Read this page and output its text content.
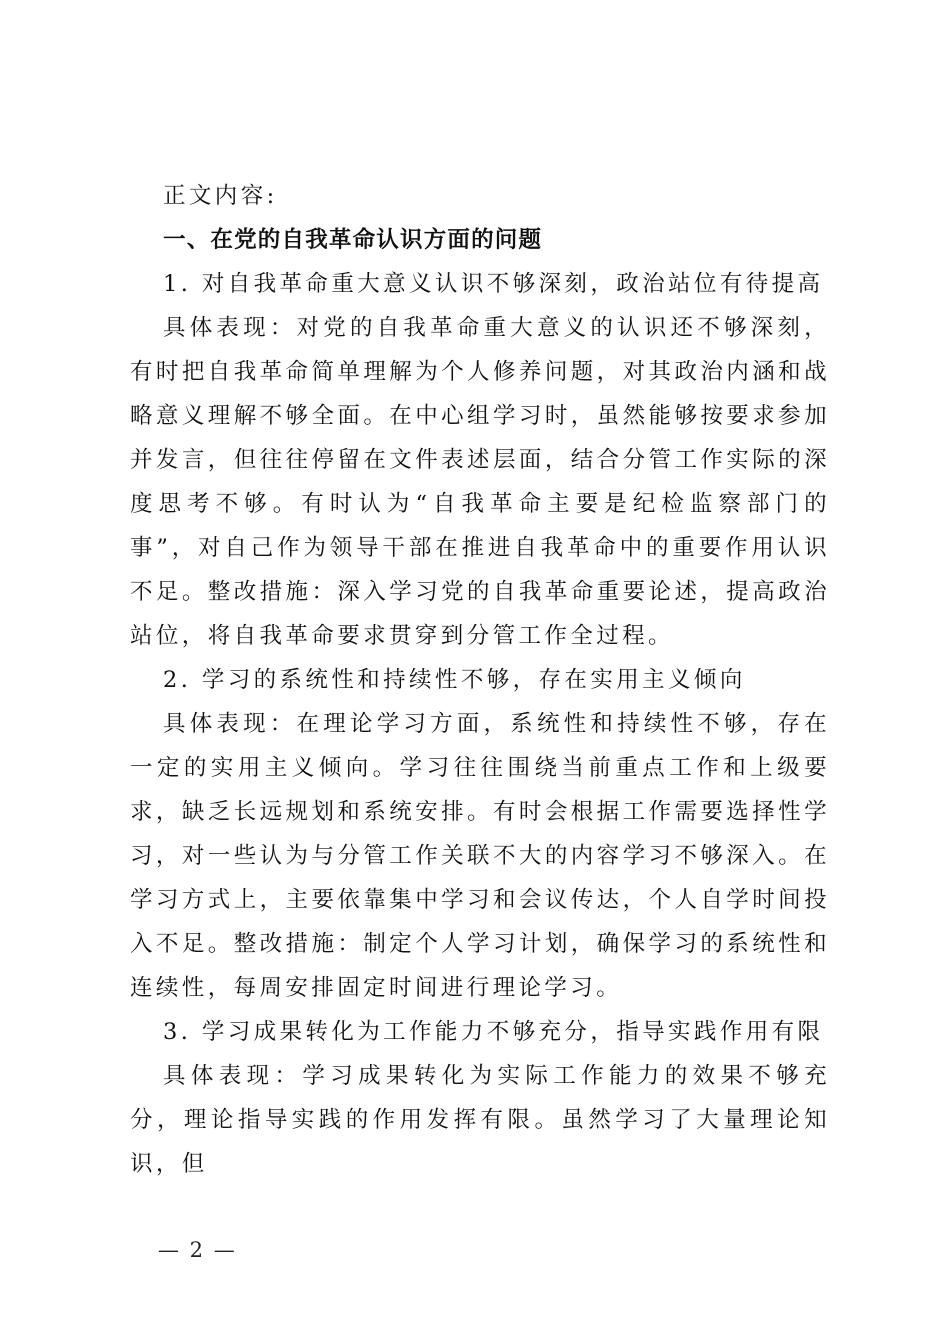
正文内容:

一、在党的自我革命认识方面的问题

1. 对自我革命重大意义认识不够深刻，政治站位有待提高

具体表现：对党的自我革命重大意义的认识还不够深刻，有时把自我革命简单理解为个人修养问题，对其政治内涵和战略意义理解不够全面。在中心组学习时，虽然能够按要求参加并发言，但往往停留在文件表述层面，结合分管工作实际的深度思考不够。有时认为“自我革命主要是纪检监察部门的事”，对自己作为领导干部在推进自我革命中的重要作用认识不足。整改措施：深入学习党的自我革命重要论述，提高政治站位，将自我革命要求贯穿到分管工作全过程。

2. 学习的系统性和持续性不够，存在实用主义倾向

具体表现：在理论学习方面，系统性和持续性不够，存在一定的实用主义倾向。学习往往围绕当前重点工作和上级要求，缺乏长远规划和系统安排。有时会根据工作需要选择性学习，对一些认为与分管工作关联不大的内容学习不够深入。在学习方式上，主要依靠集中学习和会议传达，个人自学时间投入不足。整改措施：制定个人学习计划，确保学习的系统性和连续性，每周安排固定时间进行理论学习。

3. 学习成果转化为工作能力不够充分，指导实践作用有限

具体表现：学习成果转化为实际工作能力的效果不够充分，理论指导实践的作用发挥有限。虽然学习了大量理论知识，但

— 2 —
